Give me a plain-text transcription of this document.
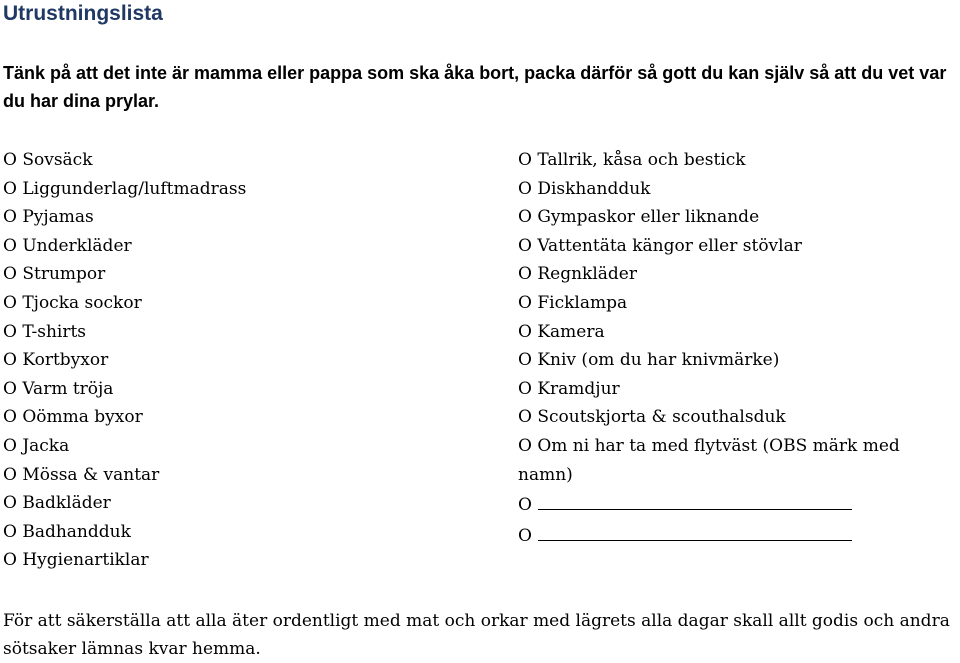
Utrustningslista
Tänk på att det inte är mamma eller pappa som ska åka bort, packa därför så gott du kan själv så att du vet var du har dina prylar.
O Sovsäck
O Liggunderlag/luftmadrass
O Pyjamas
O Underkläder
O Strumpor
O Tjocka sockor
O T-shirts
O Kortbyxor
O Varm tröja
O Oömma byxor
O Jacka
O Mössa & vantar
O Badkläder
O Badhandduk
O Hygienartiklar
O Tallrik, kåsa och bestick
O Diskhandduk
O Gympaskor eller liknande
O Vattentäta kängor eller stövlar
O Regnkläder
O Ficklampa
O Kamera
O Kniv (om du har knivmärke)
O Kramdjur
O Scoutskjorta & scouthalsduk
O Om ni har ta med flytväst (OBS märk med namn)
O
O
För att säkerställa att alla äter ordentligt med mat och orkar med lägrets alla dagar skall allt godis och andra sötsaker lämnas kvar hemma.
